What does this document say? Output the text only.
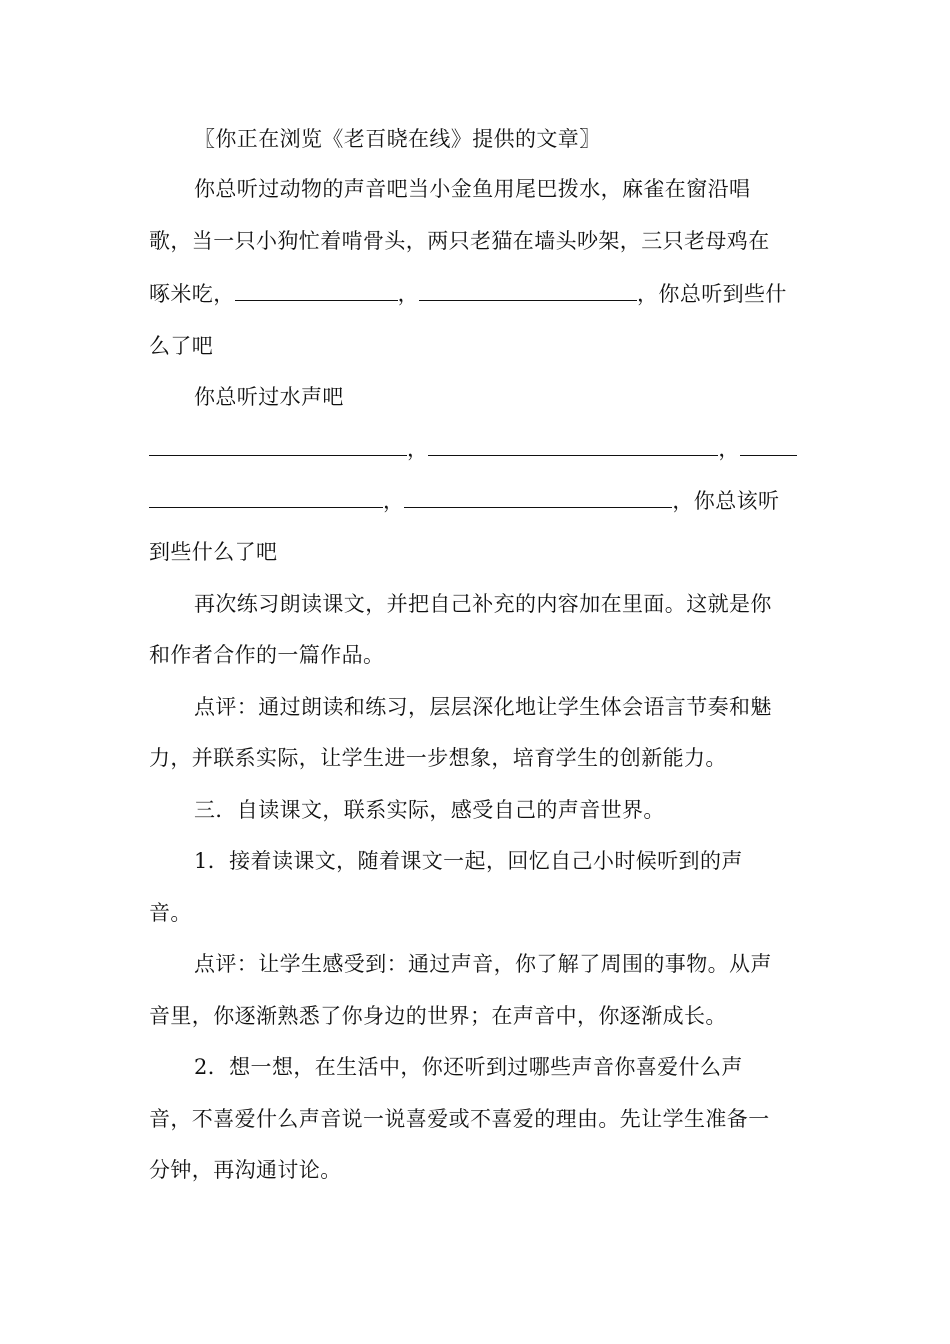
〖你正在浏览《老百晓在线》提供的文章〗
你总听过动物的声音吧当小金鱼用尾巴拨水，麻雀在窗沿唱
歌，当一只小狗忙着啃骨头，两只老猫在墙头吵架，三只老母鸡在
啄米吃，	，	，你总听到些什
么了吧
你总听过水声吧
，	，
，	，你总该听
到些什么了吧
再次练习朗读课文，并把自己补充的内容加在里面。这就是你
和作者合作的一篇作品。
点评：通过朗读和练习，层层深化地让学生体会语言节奏和魅
力，并联系实际，让学生进一步想象，培育学生的创新能力。
三．自读课文，联系实际，感受自己的声音世界。
1．接着读课文，随着课文一起，回忆自己小时候听到的声
音。
点评：让学生感受到：通过声音，你了解了周围的事物。从声
音里，你逐渐熟悉了你身边的世界；在声音中，你逐渐成长。
2．想一想，在生活中，你还听到过哪些声音你喜爱什么声
音，不喜爱什么声音说一说喜爱或不喜爱的理由。先让学生准备一
分钟，再沟通讨论。
